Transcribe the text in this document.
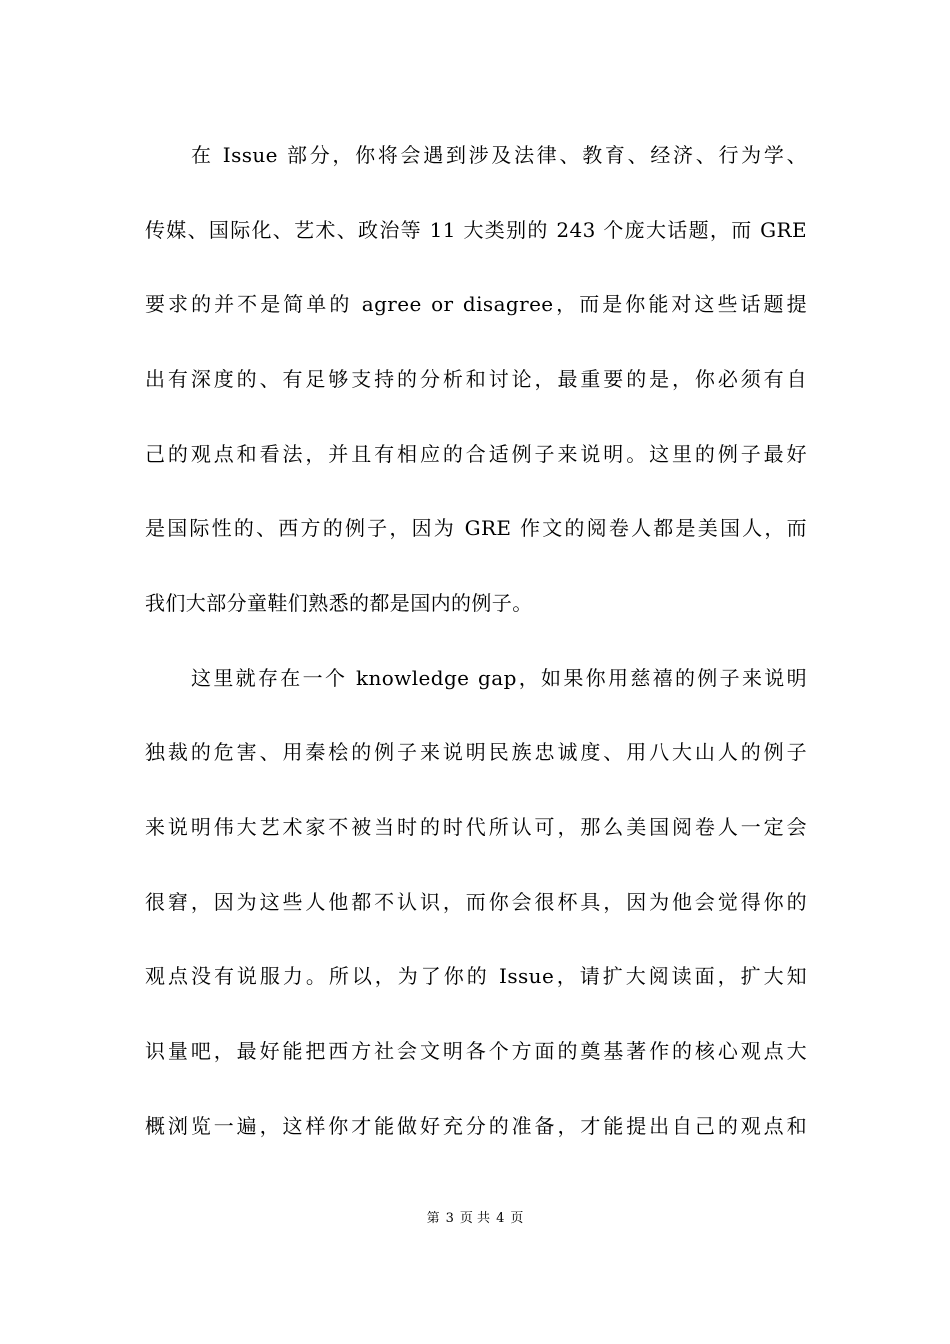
在 Issue 部分，你将会遇到涉及法律、教育、经济、行为学、
传媒、国际化、艺术、政治等 11 大类别的 243 个庞大话题，而 GRE
要求的并不是简单的 agree or disagree，而是你能对这些话题提
出有深度的、有足够支持的分析和讨论，最重要的是，你必须有自
己的观点和看法，并且有相应的合适例子来说明。这里的例子最好
是国际性的、西方的例子，因为 GRE 作文的阅卷人都是美国人，而
我们大部分童鞋们熟悉的都是国内的例子。
这里就存在一个 knowledge gap，如果你用慈禧的例子来说明
独裁的危害、用秦桧的例子来说明民族忠诚度、用八大山人的例子
来说明伟大艺术家不被当时的时代所认可，那么美国阅卷人一定会
很窘，因为这些人他都不认识，而你会很杯具，因为他会觉得你的
观点没有说服力。所以，为了你的 Issue，请扩大阅读面，扩大知
识量吧，最好能把西方社会文明各个方面的奠基著作的核心观点大
概浏览一遍，这样你才能做好充分的准备，才能提出自己的观点和
第 3 页 共 4 页
